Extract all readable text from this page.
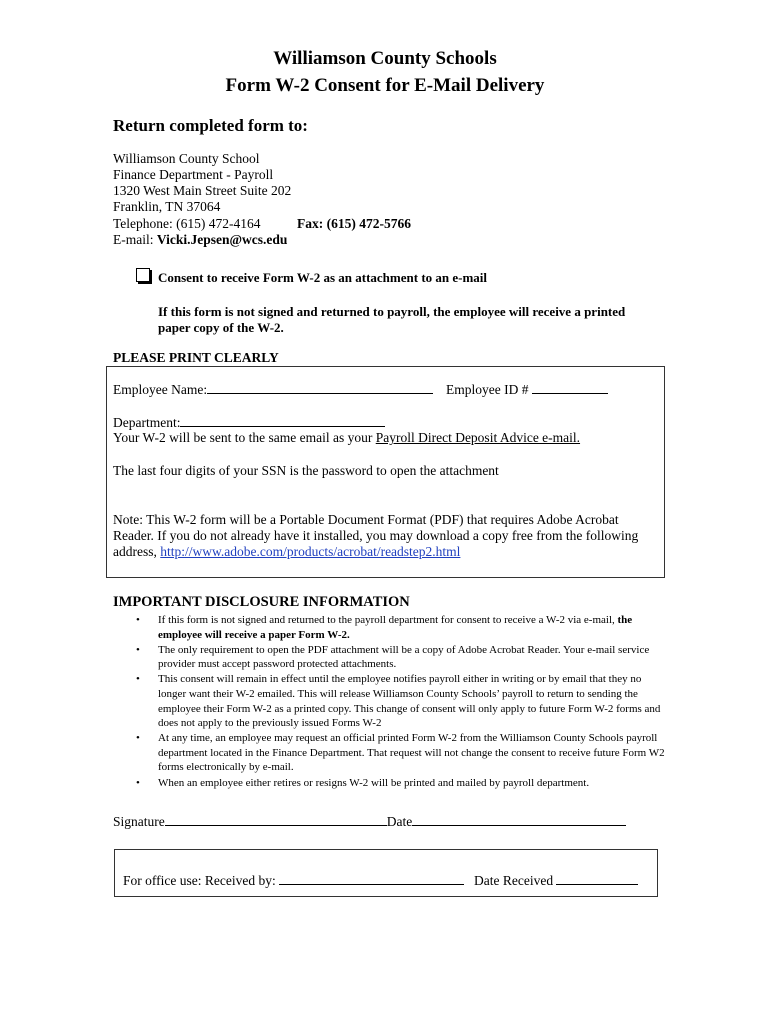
Williamson County Schools
Form W-2 Consent for E-Mail Delivery
Return completed form to:
Williamson County School
Finance Department - Payroll
1320 West Main Street Suite 202
Franklin, TN 37064
Telephone: (615) 472-4164	Fax: (615) 472-5766
E-mail: Vicki.Jepsen@wcs.edu
Consent to receive Form W-2 as an attachment to an e-mail
If this form is not signed and returned to payroll, the employee will receive a printed
paper copy of the W-2.
PLEASE PRINT CLEARLY
Employee Name:	Employee ID #
Department:
Your W-2 will be sent to the same email as your Payroll Direct Deposit Advice e-mail.
The last four digits of your SSN is the password to open the attachment
Note: This W-2 form will be a Portable Document Format (PDF) that requires Adobe Acrobat
Reader. If you do not already have it installed, you may download a copy free from the following
address, http://www.adobe.com/products/acrobat/readstep2.html
IMPORTANT DISCLOSURE INFORMATION
• If this form is not signed and returned to the payroll department for consent to receive a W-2 via e-mail, the employee will receive a paper Form W-2.
• The only requirement to open the PDF attachment will be a copy of Adobe Acrobat Reader. Your e-mail service provider must accept password protected attachments.
• This consent will remain in effect until the employee notifies payroll either in writing or by email that they no longer want their W-2 emailed. This will release Williamson County Schools’ payroll to return to sending the employee their Form W-2 as a printed copy. This change of consent will only apply to future Form W-2 forms and does not apply to the previously issued Forms W-2
• At any time, an employee may request an official printed Form W-2 from the Williamson County Schools payroll department located in the Finance Department. That request will not change the consent to receive future Form W2 forms electronically by e-mail.
• When an employee either retires or resigns W-2 will be printed and mailed by payroll department.
Signature	Date
For office use: Received by:	Date Received
